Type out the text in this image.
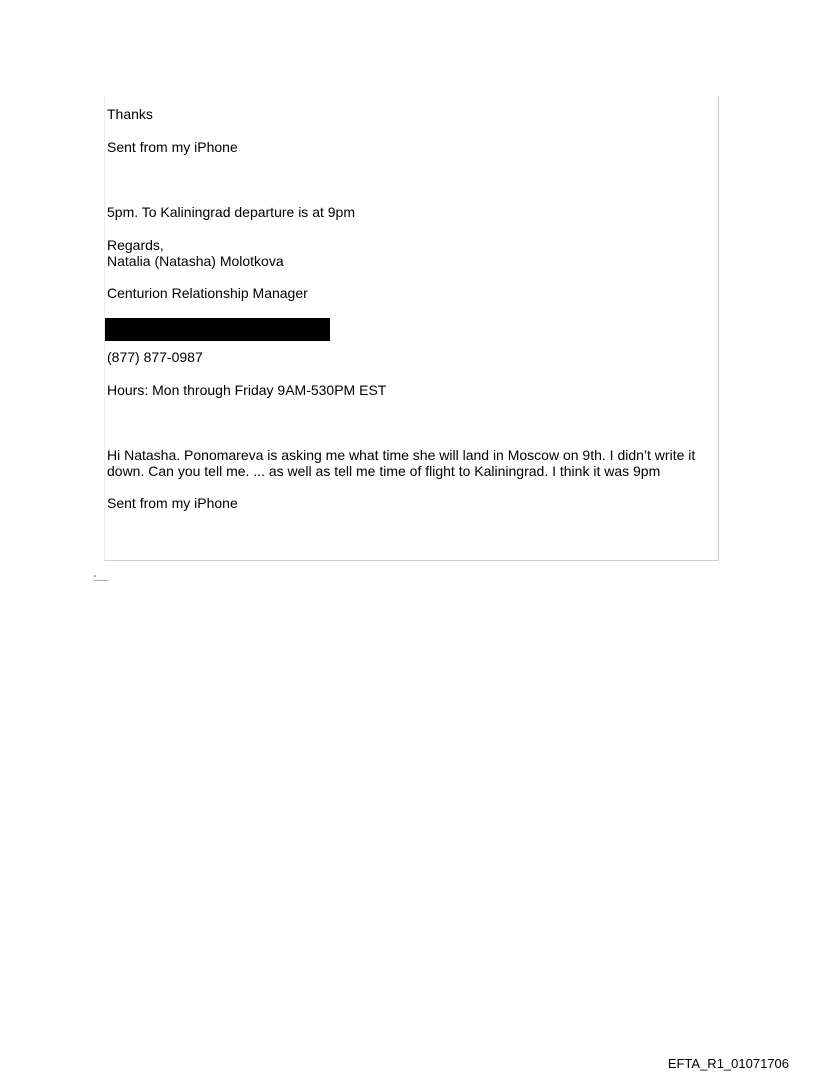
Thanks

Sent from my iPhone

5pm. To Kaliningrad departure is at 9pm

Regards,

Natalia (Natasha) Molotkova

Centurion Relationship Manager

(877) 877-0987

Hours: Mon through Friday 9AM-530PM EST

Hi Natasha. Ponomareva is asking me what time she will land in Moscow on 9th. I didn’t write it

down. Can you tell me. ... as well as tell me time of flight to Kaliningrad. I think it was 9pm

Sent from my iPhone

EFTA_R1_01071706
